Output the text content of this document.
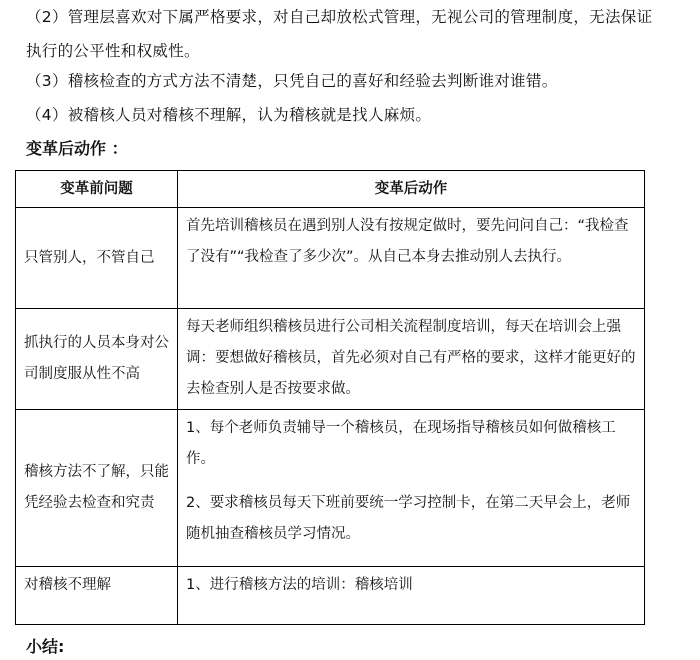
（2）管理层喜欢对下属严格要求，对自己却放松式管理，无视公司的管理制度，无法保证执行的公平性和权威性。

（3）稽核检查的方式方法不清楚，只凭自己的喜好和经验去判断谁对谁错。

（4）被稽核人员对稽核不理解，认为稽核就是找人麻烦。

变革后动作 ：
变革前问题	变革后动作
只管别人，不管自己	首先培训稽核员在遇到别人没有按规定做时，要先问问自己：“我检查了没有”“我检查了多少次”。从自己本身去推动别人去执行。

抓执行的人员本身对公司制度服从性不高	每天老师组织稽核员进行公司相关流程制度培训，每天在培训会上强调：要想做好稽核员，首先必须对自己有严格的要求，这样才能更好的去检查别人是否按要求做。

稽核方法不了解，只能凭经验去检查和究责	1、每个老师负责辅导一个稽核员，在现场指导稽核员如何做稽核工作。
2、要求稽核员每天下班前要统一学习控制卡，在第二天早会上，老师随机抽查稽核员学习情况。

对稽核不理解	1、进行稽核方法的培训：稽核培训
小结:
